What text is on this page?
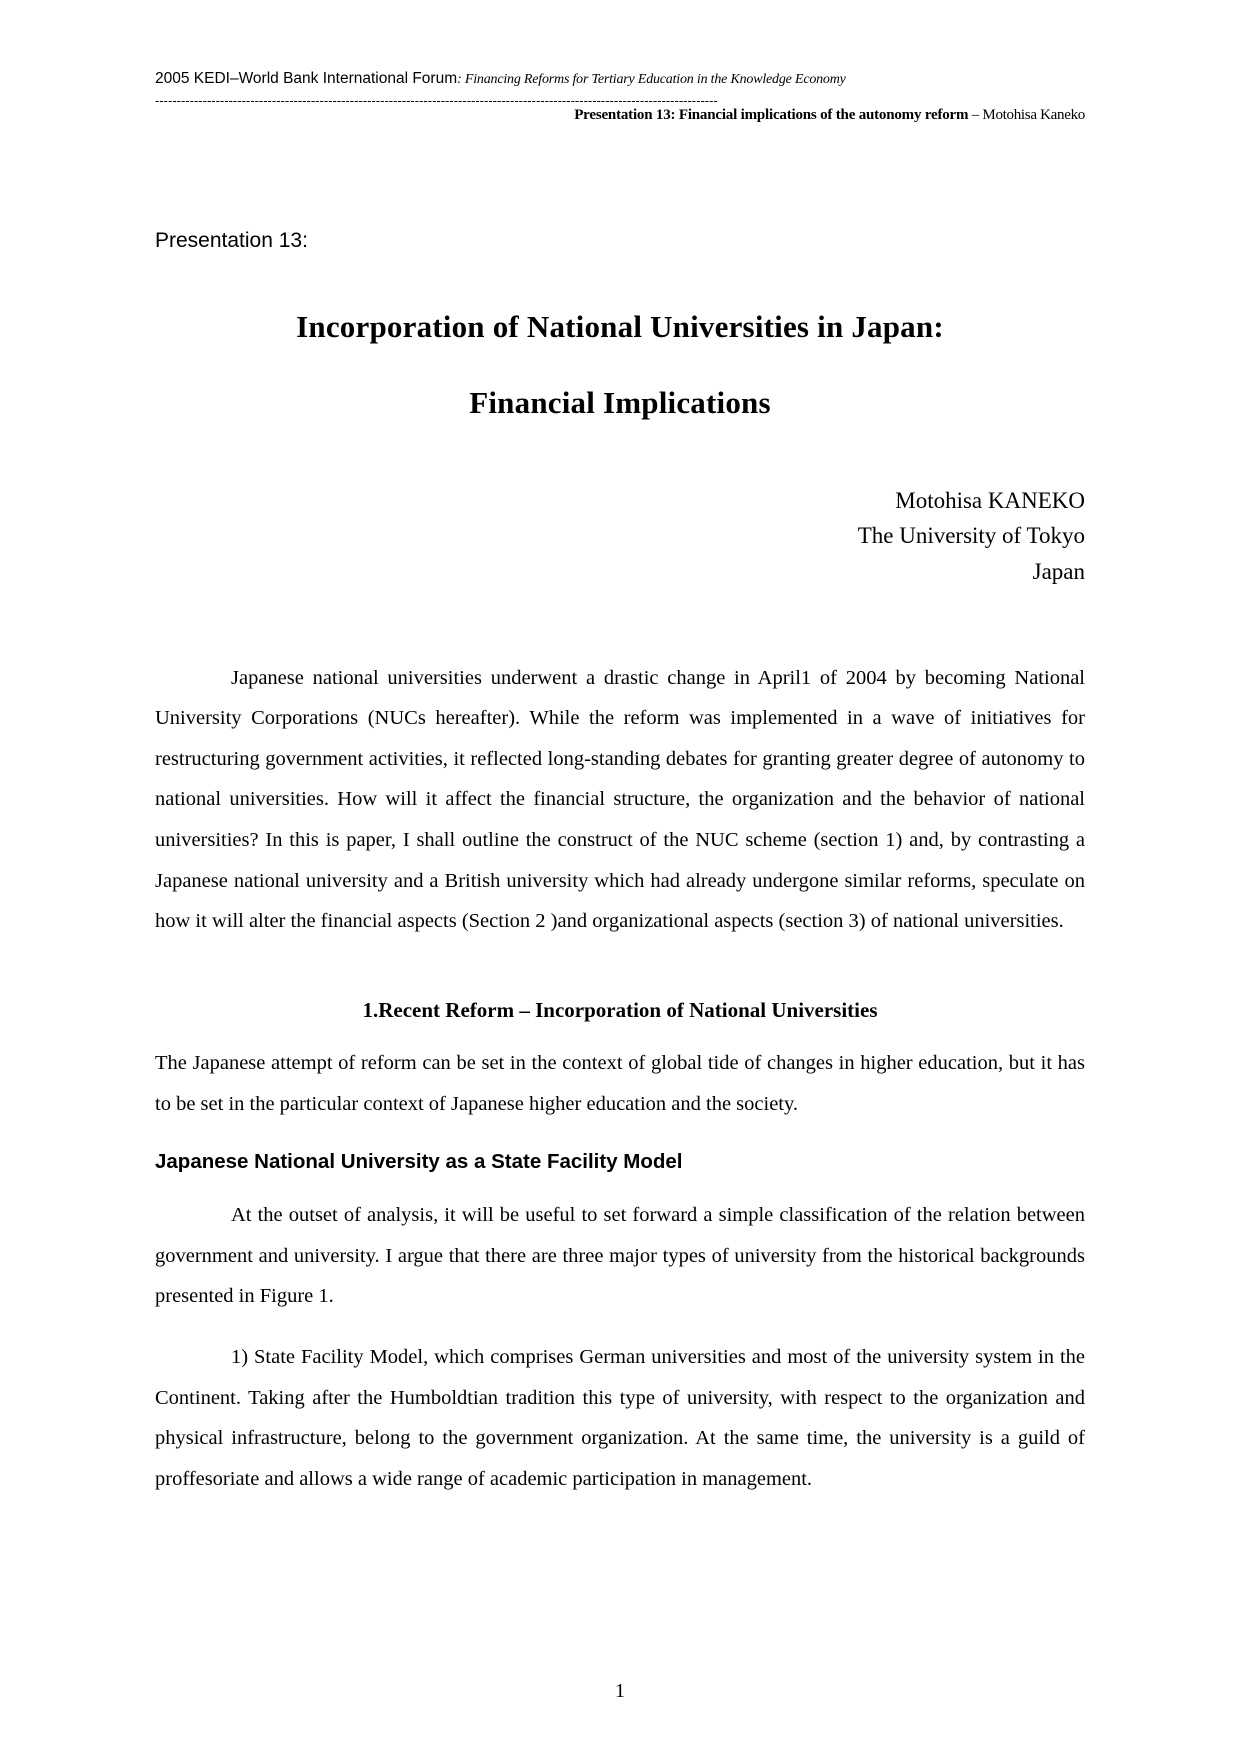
2005 KEDI–World Bank International Forum: Financing Reforms for Tertiary Education in the Knowledge Economy
----------------------------------------------------------------------------------------------------------------------------------
Presentation 13: Financial implications of the autonomy reform – Motohisa Kaneko
Presentation 13:
Incorporation of National Universities in Japan:
Financial Implications
Motohisa KANEKO
The University of Tokyo
Japan

Japanese national universities underwent a drastic change in April1 of 2004 by becoming National University Corporations (NUCs hereafter). While the reform was implemented in a wave of initiatives for restructuring government activities, it reflected long-standing debates for granting greater degree of autonomy to national universities. How will it affect the financial structure, the organization and the behavior of national universities? In this is paper, I shall outline the construct of the NUC scheme (section 1) and, by contrasting a Japanese national university and a British university which had already undergone similar reforms, speculate on how it will alter the financial aspects (Section 2 )and organizational aspects (section 3) of national universities.

1.Recent Reform – Incorporation of National Universities

The Japanese attempt of reform can be set in the context of global tide of changes in higher education, but it has to be set in the particular context of Japanese higher education and the society.

Japanese National University as a State Facility Model

At the outset of analysis, it will be useful to set forward a simple classification of the relation between government and university. I argue that there are three major types of university from the historical backgrounds presented in Figure 1.

1) State Facility Model, which comprises German universities and most of the university system in the Continent. Taking after the Humboldtian tradition this type of university, with respect to the organization and physical infrastructure, belong to the government organization. At the same time, the university is a guild of proffesoriate and allows a wide range of academic participation in management.

1
